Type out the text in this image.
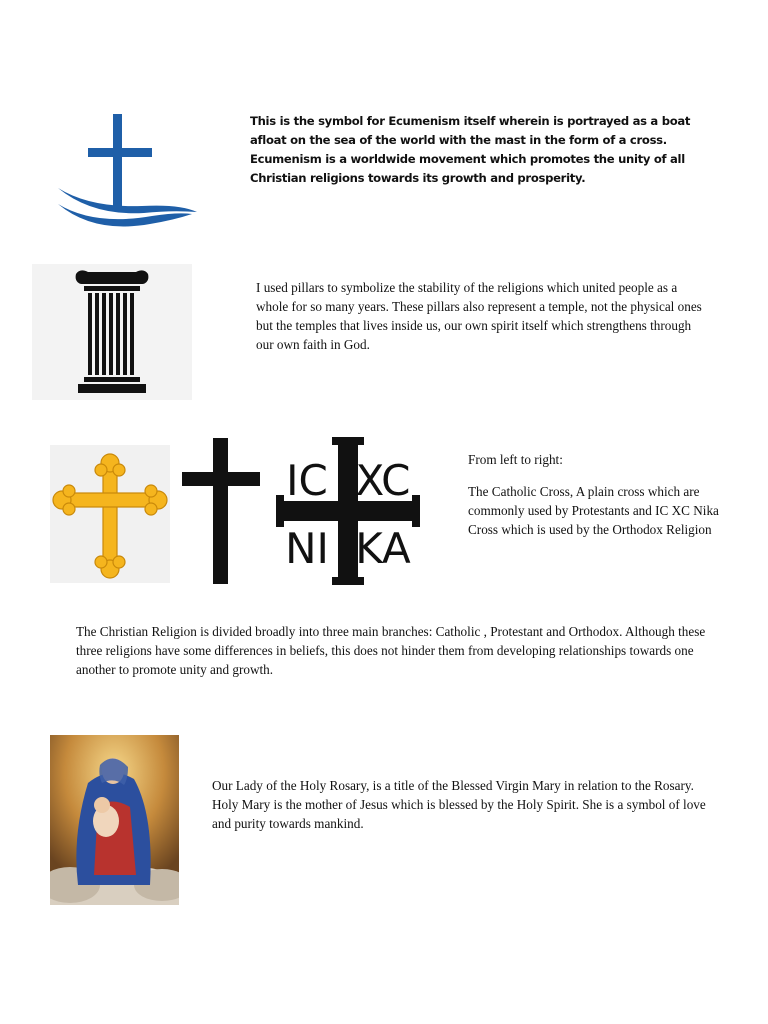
This is the symbol for Ecumenism itself wherein is portrayed as a boat afloat on the sea of the world with the mast in the form of a cross. Ecumenism is a worldwide movement which promotes the unity of all Christian religions towards its growth and prosperity.
I used pillars to symbolize the stability of the religions which united people as a whole for so many years. These pillars also represent a temple, not the physical ones but the temples that lives inside us, our own spirit itself which strengthens through our own faith in God.
IC XC
NI KA

From left to right:

The Catholic Cross, A plain cross which are commonly used by Protestants and IC XC Nika Cross which is used by the Orthodox Religion

The Christian Religion is divided broadly into three main branches: Catholic , Protestant and Orthodox. Although these three religions have some differences in beliefs, this does not hinder them from developing relationships towards one another to promote unity and growth.
Our Lady of the Holy Rosary, is a title of the Blessed Virgin Mary in relation to the Rosary. Holy Mary is the mother of Jesus which is blessed by the Holy Spirit. She is a symbol of love and purity towards mankind.
